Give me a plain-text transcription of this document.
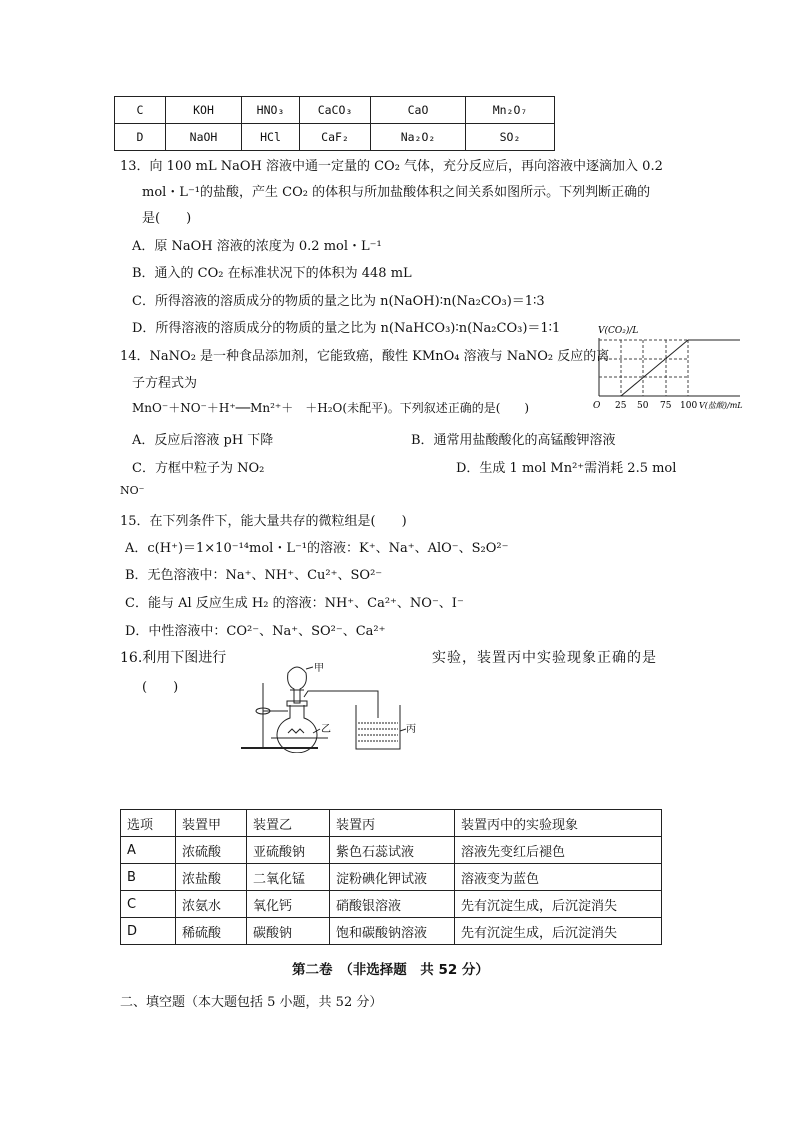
C	KOH	HNO₃	CaCO₃	CaO	Mn₂O₇
D	NaOH	HCl	CaF₂	Na₂O₂	SO₂
13．向 100 mL NaOH 溶液中通一定量的 CO₂ 气体，充分反应后，再向溶液中逐滴加入 0.2
mol・L⁻¹的盐酸，产生 CO₂ 的体积与所加盐酸体积之间关系如图所示。下列判断正确的
是(　　)
A．原 NaOH 溶液的浓度为 0.2 mol・L⁻¹
B．通入的 CO₂ 在标准状况下的体积为 448 mL
C．所得溶液的溶质成分的物质的量之比为 n(NaOH)∶n(Na₂CO₃)＝1∶3
D．所得溶液的溶质成分的物质的量之比为 n(NaHCO₃)∶n(Na₂CO₃)＝1∶1	V(CO₂)/L
O 25 50 75 100 V(盐酸)/mL
14．NaNO₂ 是一种食品添加剂，它能致癌，酸性 KMnO₄ 溶液与 NaNO₂ 反应的离
子方程式为
MnO⁻＋NO⁻＋H⁺──Mn²⁺＋　＋H₂O(未配平)。下列叙述正确的是(　　)
A．反应后溶液 pH 下降	B．通常用盐酸酸化的高锰酸钾溶液
C．方框中粒子为 NO₂	D．生成 1 mol Mn²⁺需消耗 2.5 mol
NO⁻
15．在下列条件下，能大量共存的微粒组是(　　)
A．c(H⁺)＝1×10⁻¹⁴mol・L⁻¹的溶液：K⁺、Na⁺、AlO⁻、S₂O²⁻
B．无色溶液中：Na⁺、NH⁺、Cu²⁺、SO²⁻
C．能与 Al 反应生成 H₂ 的溶液：NH⁺、Ca²⁺、NO⁻、I⁻
D．中性溶液中：CO²⁻、Na⁺、SO²⁻、Ca²⁺
16.利用下图进行	实验，装置丙中实验现象正确的是
(　　)
甲
乙	丙
选项	装置甲	装置乙	装置丙	装置丙中的实验现象
A	浓硫酸	亚硫酸钠	紫色石蕊试液	溶液先变红后褪色
B	浓盐酸	二氧化锰	淀粉碘化钾试液	溶液变为蓝色
C	浓氨水	氧化钙	硝酸银溶液	先有沉淀生成，后沉淀消失
D	稀硫酸	碳酸钠	饱和碳酸钠溶液	先有沉淀生成，后沉淀消失
第二卷　（非选择题　共 52 分）
二、填空题（本大题包括 5 小题，共 52 分）
